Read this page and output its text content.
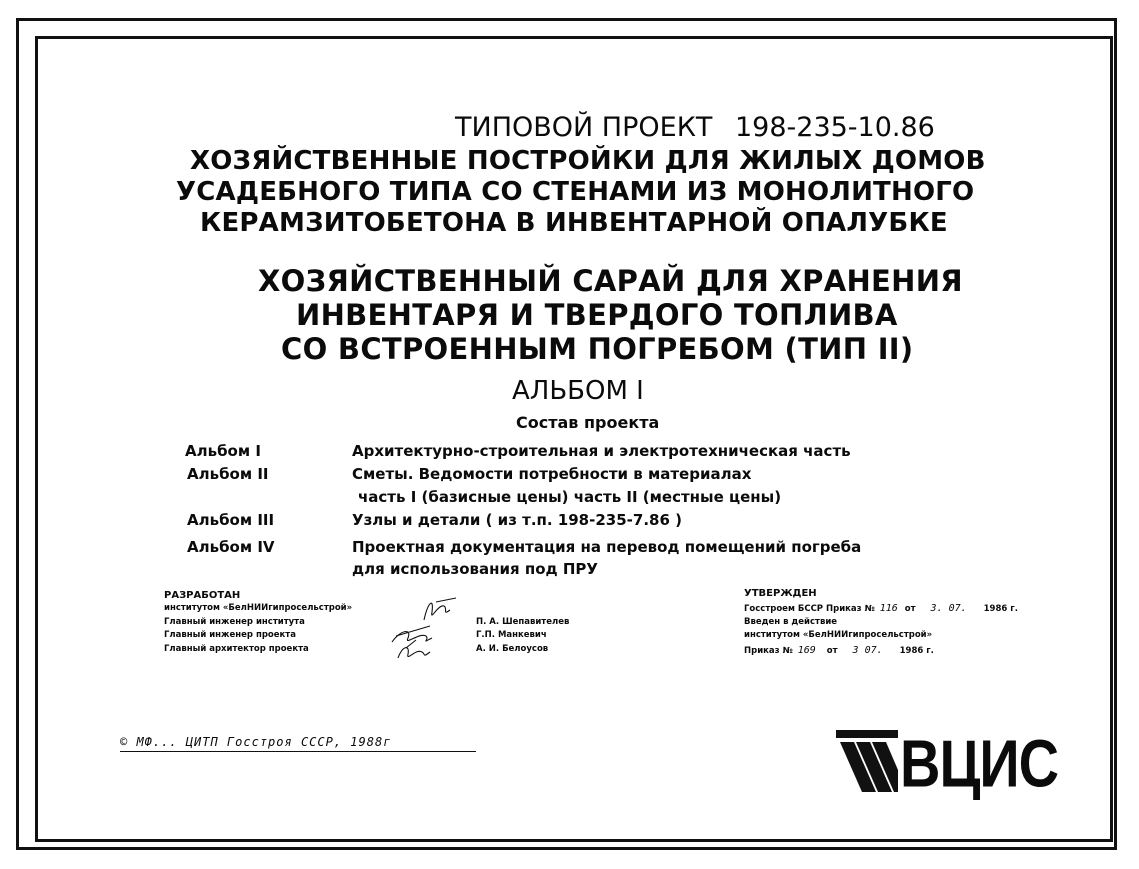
ТИПОВОЙ ПРОЕКТ 198-235-10.86
ХОЗЯЙСТВЕННЫЕ ПОСТРОЙКИ ДЛЯ ЖИЛЫХ ДОМОВ
УСАДЕБНОГО ТИПА СО СТЕНАМИ ИЗ МОНОЛИТНОГО
КЕРАМЗИТОБЕТОНА В ИНВЕНТАРНОЙ ОПАЛУБКЕ
ХОЗЯЙСТВЕННЫЙ САРАЙ ДЛЯ ХРАНЕНИЯ
ИНВЕНТАРЯ И ТВЕРДОГО ТОПЛИВА
СО ВСТРОЕННЫМ ПОГРЕБОМ (ТИП II)
АЛЬБОМ I
Состав проекта
Альбом I	Архитектурно-строительная и электротехническая часть
Альбом II	Сметы. Ведомости потребности в материалах
часть I (базисные цены) часть II (местные цены)
Альбом III	Узлы и детали ( из т.п. 198-235-7.86 )
Альбом IV	Проектная документация на перевод помещений погреба
для использования под ПРУ
РАЗРАБОТАН
институтом «БелНИИгипросельстрой»
Главный инженер института
Главный инженер проекта
Главный архитектор проекта
П. А. Шепавителев
Г.П. Манкевич
А. И. Белоусов
УТВЕРЖДЕН
Госстроем БССР Приказ № 116 от 3. 07. 1986 г.
Введен в действие
институтом «БелНИИгипросельстрой»
Приказ № 169 от 3 07. 1986 г.
© МФ... ЦИТП Госстроя СССР, 1988г	ВЦИС
